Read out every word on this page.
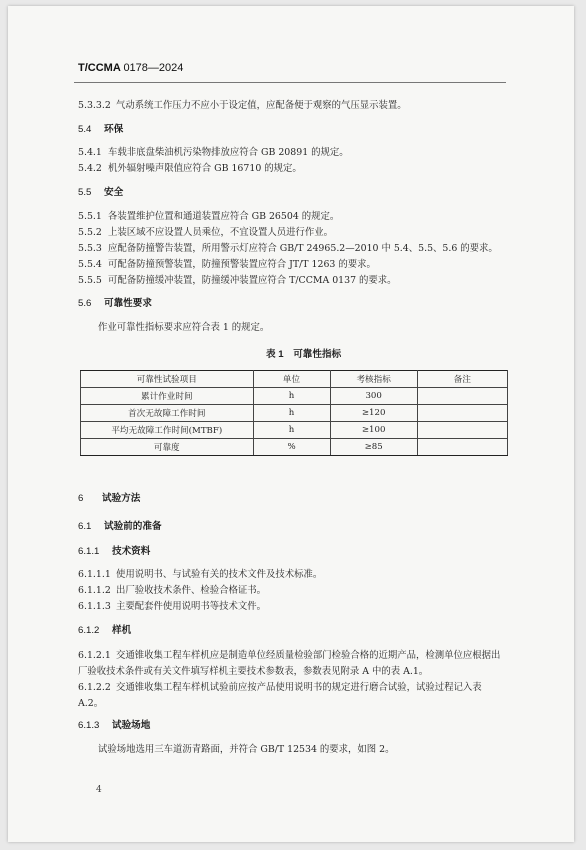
T/CCMA 0178—2024
5.3.3.2 气动系统工作压力不应小于设定值，应配备便于观察的气压显示装置。
5.4 环保
5.4.1 车载非底盘柴油机污染物排放应符合 GB 20891 的规定。
5.4.2 机外辐射噪声限值应符合 GB 16710 的规定。
5.5 安全
5.5.1 各装置维护位置和通道装置应符合 GB 26504 的规定。
5.5.2 上装区域不应设置人员乘位，不宜设置人员进行作业。
5.5.3 应配备防撞警告装置，所用警示灯应符合 GB/T 24965.2—2010 中 5.4、5.5、5.6 的要求。
5.5.4 可配备防撞预警装置，防撞预警装置应符合 JT/T 1263 的要求。
5.5.5 可配备防撞缓冲装置，防撞缓冲装置应符合 T/CCMA 0137 的要求。
5.6 可靠性要求
作业可靠性指标要求应符合表 1 的规定。
表 1　可靠性指标
可靠性试验项目	单位	考核指标	备注
累计作业时间	h	300	
首次无故障工作时间	h	≥120	
平均无故障工作时间(MTBF)	h	≥100	
可靠度	%	≥85	
6 试验方法
6.1 试验前的准备
6.1.1 技术资料
6.1.1.1 使用说明书、与试验有关的技术文件及技术标准。
6.1.1.2 出厂验收技术条件、检验合格证书。
6.1.1.3 主要配套件使用说明书等技术文件。
6.1.2 样机
6.1.2.1 交通锥收集工程车样机应是制造单位经质量检验部门检验合格的近期产品，检测单位应根据出厂验收技术条件或有关文件填写样机主要技术参数表，参数表见附录 A 中的表 A.1。
6.1.2.2 交通锥收集工程车样机试验前应按产品使用说明书的规定进行磨合试验，试验过程记入表 A.2。
6.1.3 试验场地
试验场地选用三车道沥青路面，并符合 GB/T 12534 的要求，如图 2。
4
